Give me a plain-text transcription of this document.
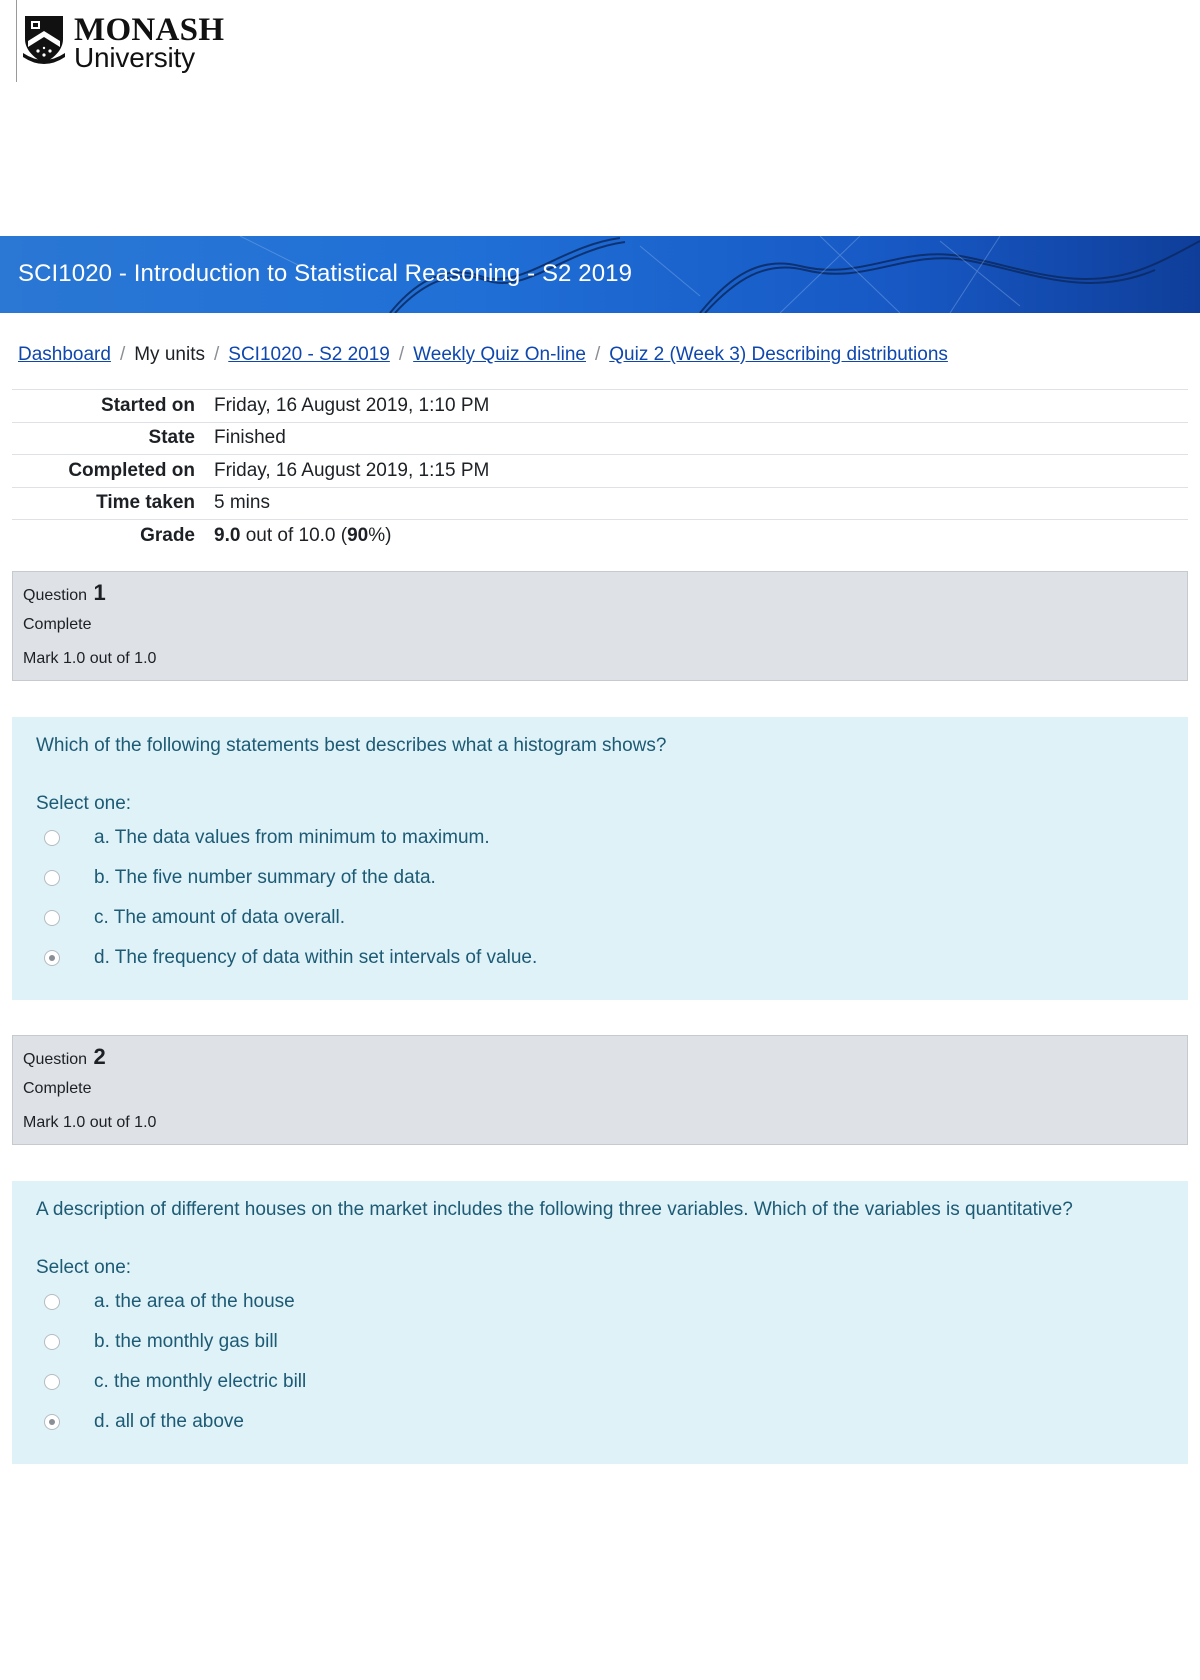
MONASH
University
SCI1020 - Introduction to Statistical Reasoning - S2 2019
Dashboard / My units / SCI1020 - S2 2019 / Weekly Quiz On-line / Quiz 2 (Week 3) Describing distributions
Started on	Friday, 16 August 2019, 1:10 PM
State	Finished
Completed on	Friday, 16 August 2019, 1:15 PM
Time taken	5 mins
Grade	9.0 out of 10.0 (90%)
Question 1
Complete
Mark 1.0 out of 1.0
Which of the following statements best describes what a histogram shows?
Select one:
a. The data values from minimum to maximum.
b. The five number summary of the data.
c. The amount of data overall.
d. The frequency of data within set intervals of value.
Question 2
Complete
Mark 1.0 out of 1.0
A description of different houses on the market includes the following three variables. Which of the variables is quantitative?
Select one:
a. the area of the house
b. the monthly gas bill
c. the monthly electric bill
d. all of the above
